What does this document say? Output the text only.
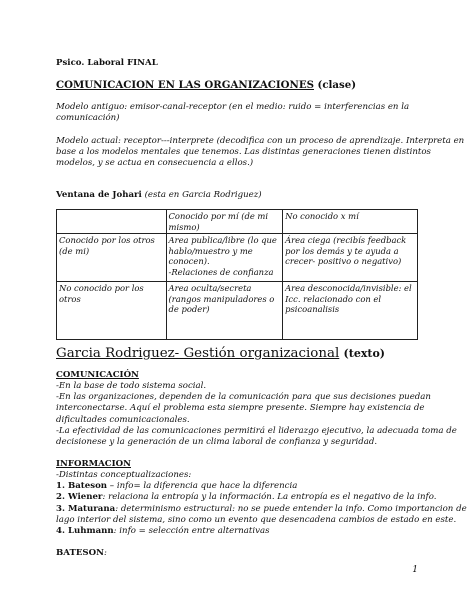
Psico. Laboral FINAL
COMUNICACION EN LAS ORGANIZACIONES (clase)
Modelo antiguo: emisor-canal-receptor (en el medio: ruido = interferencias en la
comunicación)
Modelo actual: receptor---interprete (decodifica con un proceso de aprendizaje. Interpreta en
base a los modelos mentales que tenemos. Las distintas generaciones tienen distintos
modelos, y se actua en consecuencia a ellos.)
Ventana de Johari (esta en Garcia Rodriguez)
	Conocido por mí (de mi mismo)	No conocido x mí
Conocido por los otros (de mi)	Area publica/libre (lo que hablo/muestro y me conocen).
-Relaciones de confianza	Área ciega (recibís feedback por los demás y te ayuda a crecer- positivo o negativo)
No conocido por los otros	Area oculta/secreta (rangos manipuladores o de poder)	Area desconocida/invisible: el Icc. relacionado con el psicoanalisis
Garcia Rodriguez- Gestión organizacional (texto)
COMUNICACIÓN
-En la base de todo sistema social.
-En las organizaciones, dependen de la comunicación para que sus decisiones puedan
interconectarse. Aquí el problema esta siempre presente. Siempre hay existencia de
dificultades comunicacionales.
-La efectividad de las comunicaciones permitirá el liderazgo ejecutivo, la adecuada toma de
decisionese y la generación de un clima laboral de confianza y seguridad.
INFORMACION
-Distintas conceptualizaciones:
1. Bateson – info= la diferencia que hace la diferencia
2. Wiener: relaciona la entropía y la información. La entropía es el negativo de la info.
3. Maturana: determinismo estructural: no se puede entender la info. Como importancion de
lago interior del sistema, sino como un evento que desencadena cambios de estado en este.
4. Luhmann: info = selección entre alternativas
BATESON:
1
